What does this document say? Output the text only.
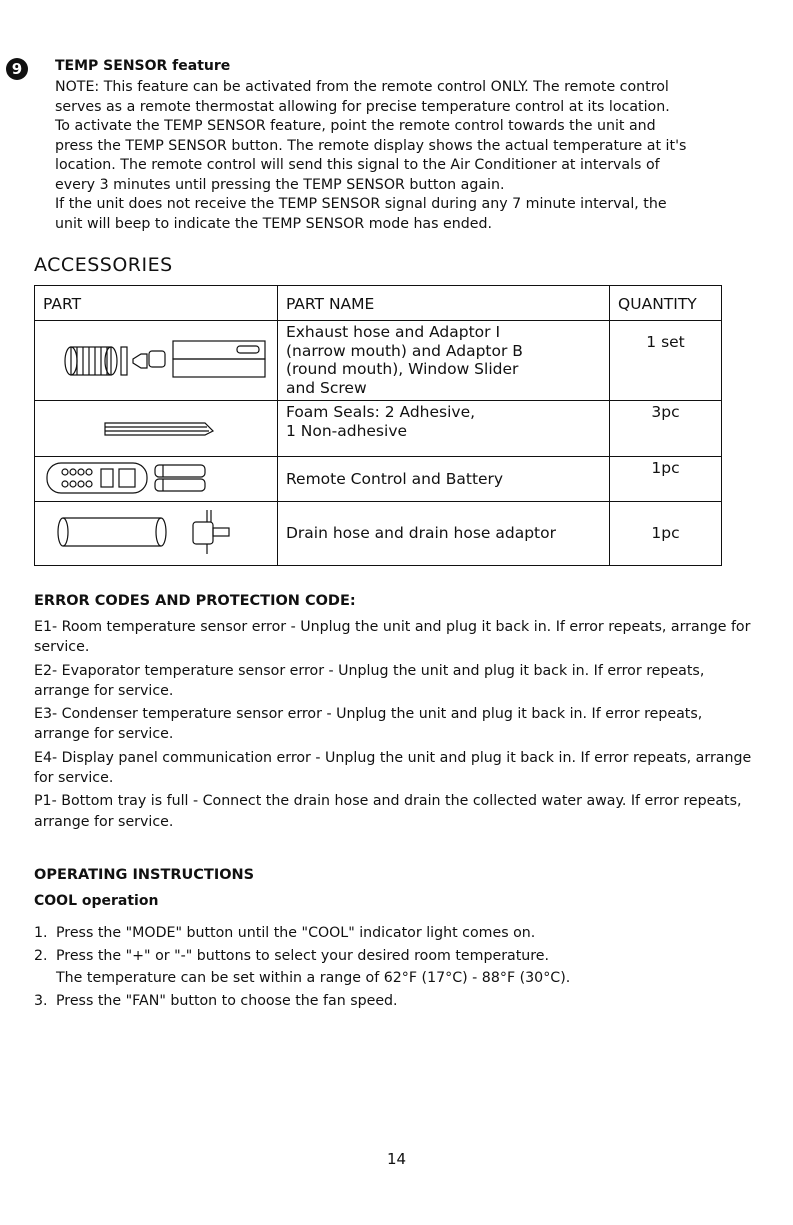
9	TEMP SENSOR feature

NOTE: This feature can be activated from the remote control ONLY. The remote control

serves as a remote thermostat allowing for precise temperature control at its location.

To activate the TEMP SENSOR feature, point the remote control towards the unit and

press the TEMP SENSOR button. The remote display shows the actual temperature at it's

location. The remote control will send this signal to the Air Conditioner at intervals of

every 3 minutes until pressing the TEMP SENSOR button again.

If the unit does not receive the TEMP SENSOR signal during any 7 minute interval, the

unit will beep to indicate the TEMP SENSOR mode has ended.

ACCESSORIES
PART	PART NAME	QUANTITY

Exhaust hose and Adaptor I
(narrow mouth) and Adaptor B
(round mouth), Window Slider
and Screw	1 set

Foam Seals: 2 Adhesive,
1 Non-adhesive	3pc

Remote Control and Battery	1pc

Drain hose and drain hose adaptor	1pc
ERROR CODES AND PROTECTION CODE:

E1- Room temperature sensor error - Unplug the unit and plug it back in. If error repeats, arrange for service.

E2- Evaporator temperature sensor error - Unplug the unit and plug it back in. If error repeats, arrange for service.

E3- Condenser temperature sensor error - Unplug the unit and plug it back in. If error repeats, arrange for service.

E4- Display panel communication error - Unplug the unit and plug it back in. If error repeats, arrange for service.

P1- Bottom tray is full - Connect the drain hose and drain the collected water away. If error repeats, arrange for service.

OPERATING INSTRUCTIONS
COOL operation
1. Press the "MODE" button until the "COOL" indicator light comes on.
2. Press the "+" or "-" buttons to select your desired room temperature.
The temperature can be set within a range of 62°F (17°C) - 88°F (30°C).
3. Press the "FAN" button to choose the fan speed.
14
